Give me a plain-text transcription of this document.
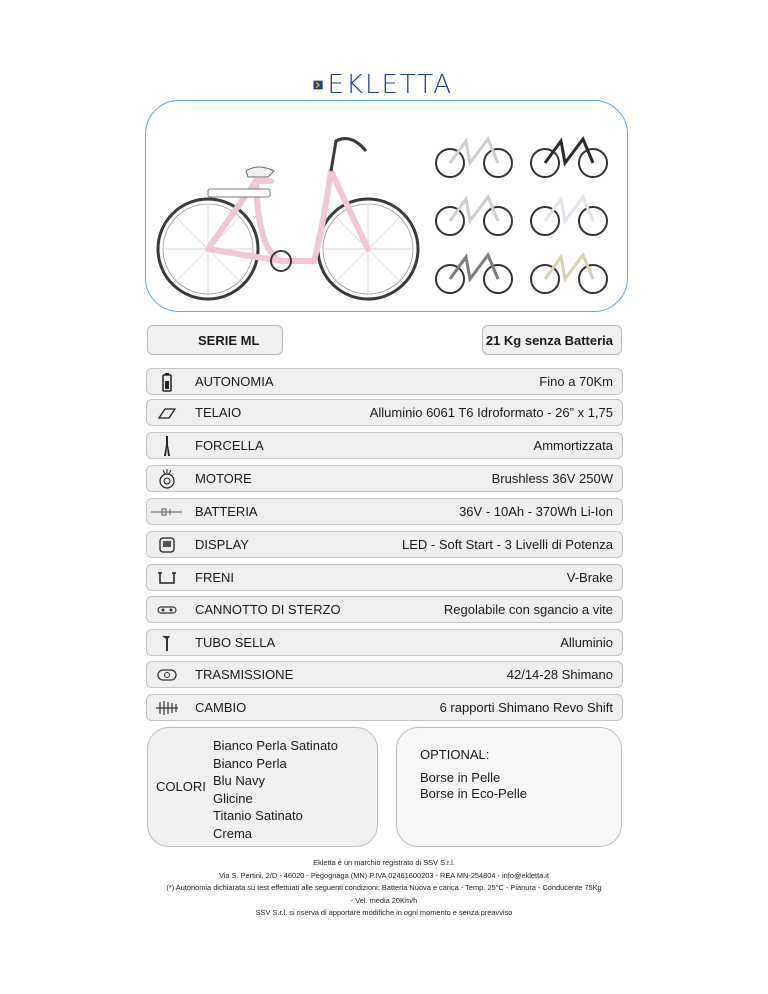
EKLETTA
SERIE ML	21 Kg senza Batteria
AUTONOMIA	Fino a 70Km
TELAIO	Alluminio 6061 T6 Idroformato - 26” x 1,75
FORCELLA	Ammortizzata
MOTORE	Brushless 36V 250W
BATTERIA	36V - 10Ah - 370Wh Li-Ion
DISPLAY	LED - Soft Start - 3 Livelli di Potenza
FRENI	V-Brake
CANNOTTO DI STERZO	Regolabile con sgancio a vite
TUBO SELLA	Alluminio
TRASMISSIONE	42/14-28 Shimano
CAMBIO	6 rapporti Shimano Revo Shift
COLORI
Bianco Perla Satinato
Bianco Perla
Blu Navy
Glicine
Titanio Satinato
Crema
OPTIONAL:
Borse in Pelle
Borse in Eco-Pelle
Ekletta è un marchio registrato di SSV S.r.l.
Via S. Pertini, 2/D - 46020 - Pegognaga (MN) P.IVA 02461600203 - REA MN-254804 - info@ekletta.it
(*) Autonomia dichiarata su test effettuati alle seguenti condizioni: Batteria Nuova e carica - Temp. 25°C - Pianura - Conducente 75Kg
- Vel. media 20Km/h
SSV S.r.l. si riserva di apportare modifiche in ogni momento e senza preavviso
